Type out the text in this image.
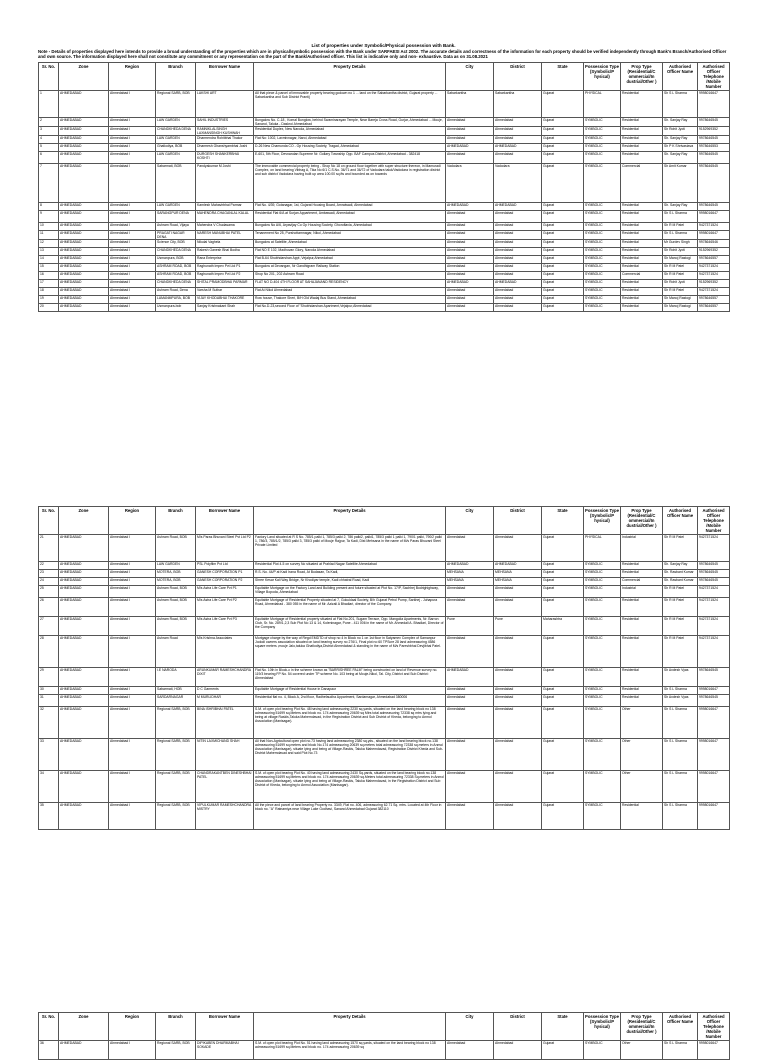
List of properties under Symbolic/Physical possession with Bank.
Note - Details of properties displayed here intends to provide a broad understanding of the properties which are in physical/symbolic possession with the Bank under SARFAESI Act 2002. The accurate details and correctness of the information for each property should be verified independently through Bank's Branch/Authorised Officer and own source. The information displayed here shall not constitute any commitment or any representation on the part of the Bank/Authorised officer. This list is indicative only and non- exhaustive. Data as on 31.08.2021
Sr. No.	Zone	Region	Branch	Borrower Name	Property Details	City	District	State	Possession Type (Symbolic/P hysical)	Prop Type (Residential/C ommercial/In dustrial/Other )	Authorised Officer Name	Authorised Officer Telephone /Mobile Number
1	AHMEDABAD	Ahmedabad I	Regional SARB, BOB	LAKSHI ART	All that piece & parcel of immovable property bearing godown no 1 ... land on the Sabarkantha district, Gujarat property ... Sabarkantha and Sub District Prantij	Sabarkantha	Sabarkantha	Gujarat	PHYSICAL	Residential	Sh S L Sharma	9998016647
2	AHMEDABAD	Ahmedabad I	LAW GARDEN	SAHIL INDUSTRIES	Bungalow No. C-18 , Komal Bunglow, behind Swaminarayan Temple, Near Bareja Cross Road, Gurjar, Ahmedabad ... Mouje, Sanand, Taluka - Daskroi Ahmedabad	Ahmedabad	Ahmedabad	Gujarat	SYMBOLIC	Residential	Sh. Sanjay Ray	9978646545
3	AHMEDABAD	Ahmedabad I	CHANDKHEDA DENA	RAMNIKLALSINGH LAXMANSINGH KUSHWAH	Residential Duplex, New Naroda, Ahmedabad	Ahmedabad	Ahmedabad	Gujarat	SYMBOLIC	Residential	Sh Rohit Jyoti	9152969352
4	AHMEDABAD	Ahmedabad I	LAW GARDEN	Dharmendra Rohitbhai Thakor	Flat No: 1002, Laxmivnagar, Naroi, Ahmedabad	Ahmedabad	Ahmedabad	Gujarat	SYMBOLIC	Residential	Sh. Sanjay Ray	9978646545
5	AHMEDABAD	Ahmedabad I	Ghatlodiya, BOB	Dharmesh Ghanshyambhai Joshi	D-26 New Chamunda CO - Op Housing Society, Tragad, Ahmedabad	AHMEDABAD	AHMEDABAD	Gujarat	SYMBOLIC	Residential	Sh P K Shrivastava	9978646553
6	AHMEDABAD	Ahmedabad I	LAW GARDEN	DURGESH SHANKERBHAI KOSHTI	E-601, 5th Floor, Devnandan Supreme Nr. Gollary Township Opp. BAF Campus District, Ahmedabad - 382418	Ahmedabad	Ahmedabad	Gujarat	SYMBOLIC	Residential	Sh. Sanjay Ray	9978646545
7	AHMEDABAD	Ahmedabad I	Sabarmati, BOB	Pandyakumar M Joshi	The immovable commercial property being - Shop No 18 on ground floor together with super structure thereon, in Mamuradi Complex, on land bearing Vibhag A, Tika No 6/1 C.S.No. 36/71 and 36/72 of Vadodara taluk/Vadodara in registration district and sub district Vadodara having built up area 100.00 sq.fts and bounded as on towards	Vadodara	Vadodara	Gujarat	SYMBOLIC	Commercial	Sh Amit Kumar	9978646545
8	AHMEDABAD	Ahmedabad I	LAW GARDEN	Kamlesh Mahavirbhai Parmar	Flat No. 4/39, Gotanagar, 1st, Gujarat Housing Board, Amraiwadi, Ahmedabad	AHMEDABAD	AHMEDABAD	Gujarat	SYMBOLIC	Residential	Sh. Sanjay Ray	9978646545
9	AHMEDABAD	Ahmedabad I	SARANGPUR DENA	MAHENDRA CHAGANLAL KALAL	Residential Flat 6/A at Surjan Appartment, Ambawadi, Ahmedabad	Ahmedabad	Ahmedabad	Gujarat	SYMBOLIC	Residential	Sh S L Sharma	9998016647
10	AHMEDABAD	Ahmedabad I	Ashram Road, Vijaya	Mahendra V Chudasama	Bungalow No A/6, Aryavijay Co Op Housing Society, Ghoroflavia, Ahmedabad	Ahmedabad	Ahmedabad	Gujarat	SYMBOLIC	Residential	Sh R M Patel	9427371524
11	AHMEDABAD	Ahmedabad I	PRAGATI NAGAR DENA	NARESH MANUBHAI PATEL	Tenanement No 25, Purshottamnagar, Nikol, Ahmedabad	Ahmedabad	Ahmedabad	Gujarat	SYMBOLIC	Residential	Sh S L Sharma	9998016647
12	AHMEDABAD	Ahmedabad I	Science City, BOB	Nikulai Vaghela	Bungalow at Satellite, Ahmedabad	Ahmedabad	Ahmedabad	Gujarat	SYMBOLIC	Residential	Mr Gurdev Singh	9978646546
13	AHMEDABAD	Ahmedabad I	CHANDKHEDA DENA	Rakesh Ganesh Bhai Bodha	Flat NO E 102, Madhuvan Glory, Naroda Ahmedabad	Ahmedabad	Ahmedabad	Gujarat	SYMBOLIC	Residential	Sh Rohit Jyoti	9152969352
14	AHMEDABAD	Ahmedabad I	Usmanpura, BOB	Rana Enterprise	Flat B-64 Shubhdarshan Appt ,Vejalpur,Ahmedabad	Ahmedabad	Ahmedabad	Gujarat	SYMBOLIC	Residential	Sh Manoj Rastogi	9978646557
15	AHMEDABAD	Ahmedabad I	ASHRAM ROAD, BOB	Raghunath Impex Pvt Ltd P1	Bungalow at Devangan, Nr Gandhigram Railway Station	Ahmedabad	Ahmedabad	Gujarat	SYMBOLIC	Residential	Sh R M Patel	9427371524
16	AHMEDABAD	Ahmedabad I	ASHRAM ROAD, BOB	Raghunath Impex Pvt Ltd P2	Shop No 201, 202 Ashram Road	Ahmedabad	Ahmedabad	Gujarat	SYMBOLIC	Commercial	Sh R M Patel	9427371524
17	AHMEDABAD	Ahmedabad I	CHANDKHEDA DENA	SHITAL PRAMODBHAI PARMAR	FLAT NO D-404 4TH FLOOR AT SAHAJANAND RESIDENCY	AHMEDABAD	AHMEDABAD	Gujarat	SYMBOLIC	Residential	Sh Rohit Jyoti	9152969352
18	AHMEDABAD	Ahmedabad I	Ashram Road, Dena	Varsha M Suthar	Flat At Nikol Ahmedabad	Ahmedabad	Ahmedabad	Gujarat	SYMBOLIC	Residential	Sh R M Patel	9427371524
19	AHMEDABAD	Ahmedabad I	LAMANMPURA, BOB	VIJAY KHODABHAI THAKORE	Row house, Thakore Sheri, B/H Old Wadaj Bus Stand, Ahmedabad	Ahmedabad	Ahmedabad	Gujarat	SYMBOLIC	Residential	Sh Manoj Rastogi	9978646557
20	AHMEDABAD	Ahmedabad I	Usmanpura-bob	Sanjay Krishnakant Shah	Flat No.D-23,second Floor of "Shubhdarshan Apartment,Vejalpur,Ahmedabad	Ahmedabad	Ahmedabad	Gujarat	SYMBOLIC	Residential	Sh Manoj Rastogi	9978646557
Sr. No.	Zone	Region	Branch	Borrower Name	Property Details	City	District	State	Possession Type (Symbolic/P hysical)	Prop Type (Residential/C ommercial/In dustrial/Other )	Authorised Officer Name	Authorised Officer Telephone /Mobile Number
21	AHMEDABAD	Ahmedabad I	Ashram Road, BOB	M/s Paras Bhuvani Steel Pvt Ltd P2	Factory Land situated at R S No. 785/1 palki 1, 785/3 palki 2, 786 palki2, palki1, 785/3 palki 1 palki 1, 790/1 palki, 790/2 palki 1, 786/3, 785/1/2, 785/3 palki 3, 785/3 palki of Mouje Rajpur, Ta Kadi, Dist Mehsana in the name of M/s Paras Bhuvani Steel Private Limited	Ahmedabad	Ahmedabad	Gujarat	PHYSICAL	Industrial	Sh R M Patel	9427371524
22	AHMEDABAD	Ahmedabad I	LAW GARDEN	PSL Polyfilm Pvt Ltd	Residential Plot 4-5 on survey No situated at Prahlad Nagar Satellite Ahmedabad	AHMEDABAD	AHMEDABAD	Gujarat	SYMBOLIC	Residential	Sh. Sanjay Ray	9978646545
23	AHMEDABAD	Ahmedabad I	MOTERA, BOB	GANESH CORPORATION P1	R.S. No. 44/P at Kadi Irana Road, At Budasan, Ta Kadi,	MEHSANA	MEHSANA	Gujarat	SYMBOLIC	Residential	Sh. Rasbant Kumar	9978646545
24	AHMEDABAD	Ahmedabad I	MOTERA, BOB	GANESH CORPORATION P2	Shree Kesar Kali Way Bridge, Nr Khodiyar temple, Kadi chhatral Road, Kadi	MEHSANA	MEHSANA	Gujarat	SYMBOLIC	Commercial	Sh. Rasbant Kumar	9978646545
25	AHMEDABAD	Ahmedabad I	Ashram Road, BOB	M/s Astra Life Care Pvt P1	Equitable Mortgage on the Factory Land and Building present and future situated at Plot No. 17/P, Sachhej Bodrighighway, Village Bopoda, Ahmedabad	Ahmedabad	Ahmedabad	Gujarat	SYMBOLIC	Industrial	Sh R M Patel	9427371524
26	AHMEDABAD	Ahmedabad I	Ashram Road, BOB	M/s Astra Life Care Pvt P2	Equitable Mortgage of Residential Property situated at 7, Gokuldaal Society, B/h Gujarat Petrol Pump, Sarkhej - Juhapura Road, Ahmedabad - 380 055 in the name of Mr. Azizali A Bhadiari, director of the Company.	Ahmedabad	Ahmedabad	Gujarat	SYMBOLIC	Residential	Sh R M Patel	9427371524
27	AHMEDABAD	Ahmedabad I	Ashram Road, BOB	M/s Astra Life Care Pvt P3	Equitable Mortgage of Residential property situated at Flat No.201, Sugam Terrace, Opp. Mangolia Apartments, Nr. Barron Club, Sr. No. 289/1,2,3 Sub Plot No 13 & 14, Koleninagar, Pune - 411 006 in the name of Mr. Ahmedali A. Bhadiari, Director of the Company	Pune	Pune	Maharashtra	SYMBOLIC	Residential	Sh R M Patel	9427371524
28	AHMEDABAD	Ahmedabad I	Ashram Road	M/s Krishna Associates	Mortgage charge by the way of Regd EMDTD of shop no 4 in Block no 1 on 1st floor in Satyamev Complex of Samanpur Jododi owners association situated on land bearing survey no 276/1, Final plot no 60 TPScre 28 land admeasuring 4586 square meters ,mouje Jalo,taluka Ghatlodiya,District Ahmedabad & standing in the name of M/s Pareshbhai Devjibhai Patel.	Ahmedabad	Ahmedabad	Gujarat	SYMBOLIC	Residential	Sh R M Patel	9427371524
29	AHMEDABAD	Ahmedabad I	I.E NARODA	ARUNKUMAR RAMESHCHANDRA DIXIT	Flat No. 10th in Block-c in the scheme known as "BARRISHREE PALM" being constructed on land of Revenue survey no. 119/3 bearing FP No. 54 covered under TP scheme No. 103 being at Mouje-Nikol, Tal. City, District and Sub District: Ahmedabad	AHMEDABAD	Ahmedabad	Gujarat	SYMBOLIC	Residential	Sh Avdesh Vyas	9978646545
30	AHMEDABAD	Ahmedabad I	Sabarmati, HOB	D C Garments	Equitable Mortgage of Residential House in Danapaur	Ahmedabad	Ahmedabad	Gujarat	SYMBOLIC	Residential	Sh S L Sharma	9998016647
31	AHMEDABAD	Ahmedabad I	SARDARNAGAR	M MURLIDHAR	Residential flat no. 4, Block A, 2nd floor, Radhefaudha Appartment, Sardarnagar, Ahmedabad 380006	Ahmedabad	Ahmedabad	Gujarat	SYMBOLIC	Residential	Sh Avdesh Vyas	9978646545
32	AHMEDABAD	Ahmedabad I	Regional SARB, BOB	BINA ISHRIBHAI PATEL	S.M. of open plot bearing Plot No. 48 having land admeasuring 2230 sq.yards, situated on the land bearing block no 138 admeasuring 51699 sq.Meters and block no. 174 admeasuring 20639 sq Mtrs total admeasuring 72338 sq mtrs lying and being at village Raskis,Taluka Mahemdavad, in the Registration District and Sub District of Kheda, belonging to Anmol Association (Manisagar).	Ahmedabad	Ahmedabad	Gujarat	SYMBOLIC	Other	Sh S L Sharma	9998016647
33	AHMEDABAD	Ahmedabad I	Regional SARB, BOB	NITIN LAXMICHAND SHAH	All that Non-Agricultural open plot no.73 having land admeasuring 2380 sq.yds., situated on the land bearing block no.138 admeasuring 51699 sq.meters and block No.174 admeasuring 20639 sq.meters total admeasuring 72338 sq.meters in Anmol Association (Manisagar), situate lying and being at Village-Raskis, Taluka Mahemdavad, Registration District Kheda and Sub-District Mahemdavad and said Plot No.73	Ahmedabad	Ahmedabad	Gujarat	SYMBOLIC	Other	Sh S L Sharma	9998016647
34	AHMEDABAD	Ahmedabad I	Regional SARB, BOB	CHANDRAKANTBEN DINESHBHAI PATEL	S.M. of open plot bearing Plot No. 40 having land admeasuring 2430 Sq.yards, situated on the land bearing block no.138 admeasuring 51699 sq.Meters and block no. 174 admeasuring 20639 sq.Meters total admeasuring 72338 Sq.meters in Anmol Association (Manisagar), situate lying and being at Village-Raskis, Taluka Mahemdavad, in the Registration District and Sub District of Kheda, belonging to Anmol Association (Manisagar).	Ahmedabad	Ahmedabad	Gujarat	SYMBOLIC	Other	Sh S L Sharma	9998016647
35	AHMEDABAD	Ahmedabad I	Regional SARB, BOB	VIPULKUMAR RAMESHCHANDRA MISTRY	All the piece and parcel of land bearing Property no. 3349, Flat no. 406, admeasuring 62.71 Sq. mtrs. Located at 4th Floor in block no. "A" Ratnamiya near Village Lake Godhavi, Sanand Ahmedabad Gujarat 382110	Ahmedabad	Ahmedabad	Gujarat	SYMBOLIC	Residential	Sh S L Sharma	9998016647
Sr. No.	Zone	Region	Branch	Borrower Name	Property Details	City	District	State	Possession Type (Symbolic/P hysical)	Prop Type (Residential/C ommercial/In dustrial/Other )	Authorised Officer Name	Authorised Officer Telephone /Mobile Number
36	AHMEDABAD	Ahmedabad I	Regional SARB, BOB	DIPIKABEN DHARMABHAI SOKADE	S.M. of open plot bearing Plot No. 51 having land admeasuring 1570 sq.yards, situated on the land bearing block no 138 admeasuring 51699 sq.Meters and block no. 174 admeasuring 20639 sq	Ahmedabad	Ahmedabad	Gujarat	SYMBOLIC	Other	Sh S L Sharma	9998016647
